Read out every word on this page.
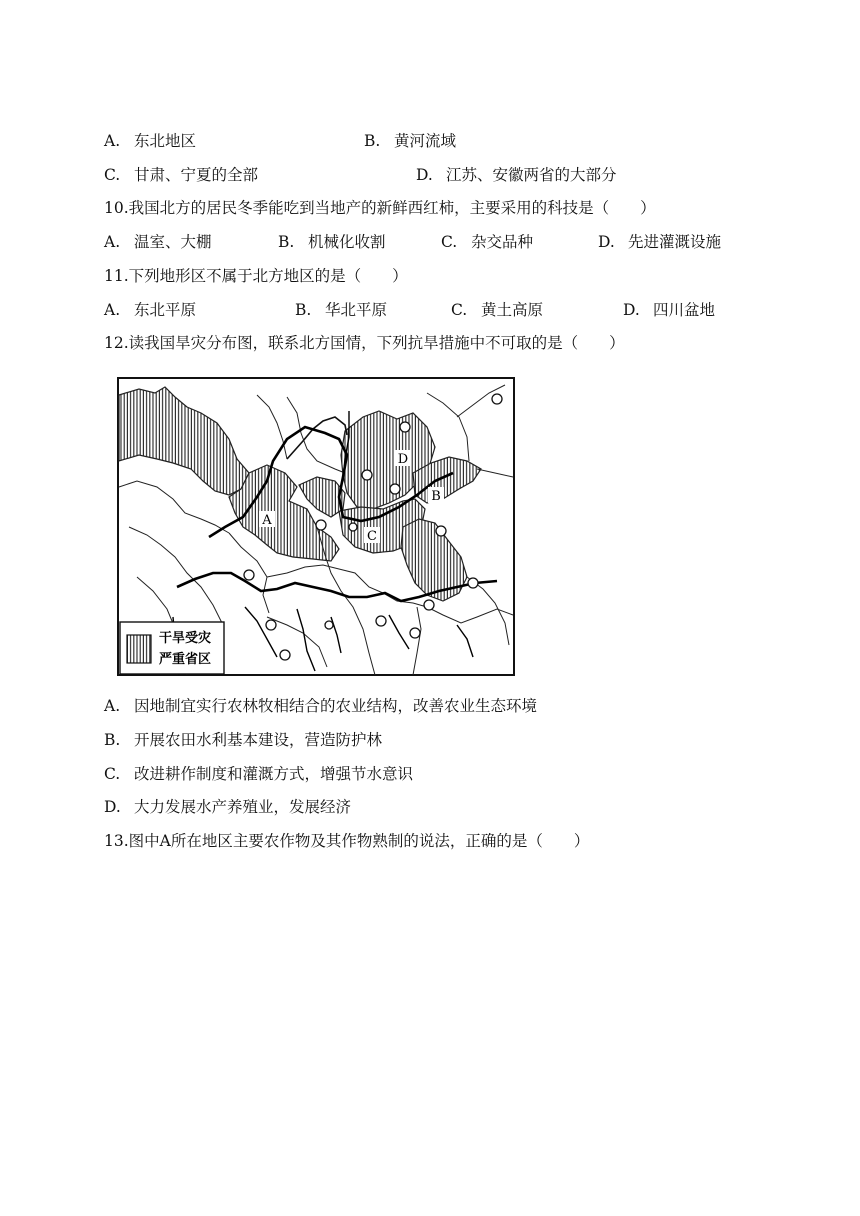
A. 东北地区	B. 黄河流域
C. 甘肃、宁夏的全部	D. 江苏、安徽两省的大部分
10.我国北方的居民冬季能吃到当地产的新鲜西红柿，主要采用的科技是（　　）
A. 温室、大棚	B. 机械化收割	C. 杂交品种	D. 先进灌溉设施
11.下列地形区不属于北方地区的是（　　）
A. 东北平原	B. 华北平原	C. 黄土高原	D. 四川盆地
12.读我国旱灾分布图，联系北方国情，下列抗旱措施中不可取的是（　　）
A
B
C
D
干旱受灾
严重省区
A. 因地制宜实行农林牧相结合的农业结构，改善农业生态环境
B. 开展农田水利基本建设，营造防护林
C. 改进耕作制度和灌溉方式，增强节水意识
D. 大力发展水产养殖业，发展经济
13.图中A所在地区主要农作物及其作物熟制的说法，正确的是（　　）
